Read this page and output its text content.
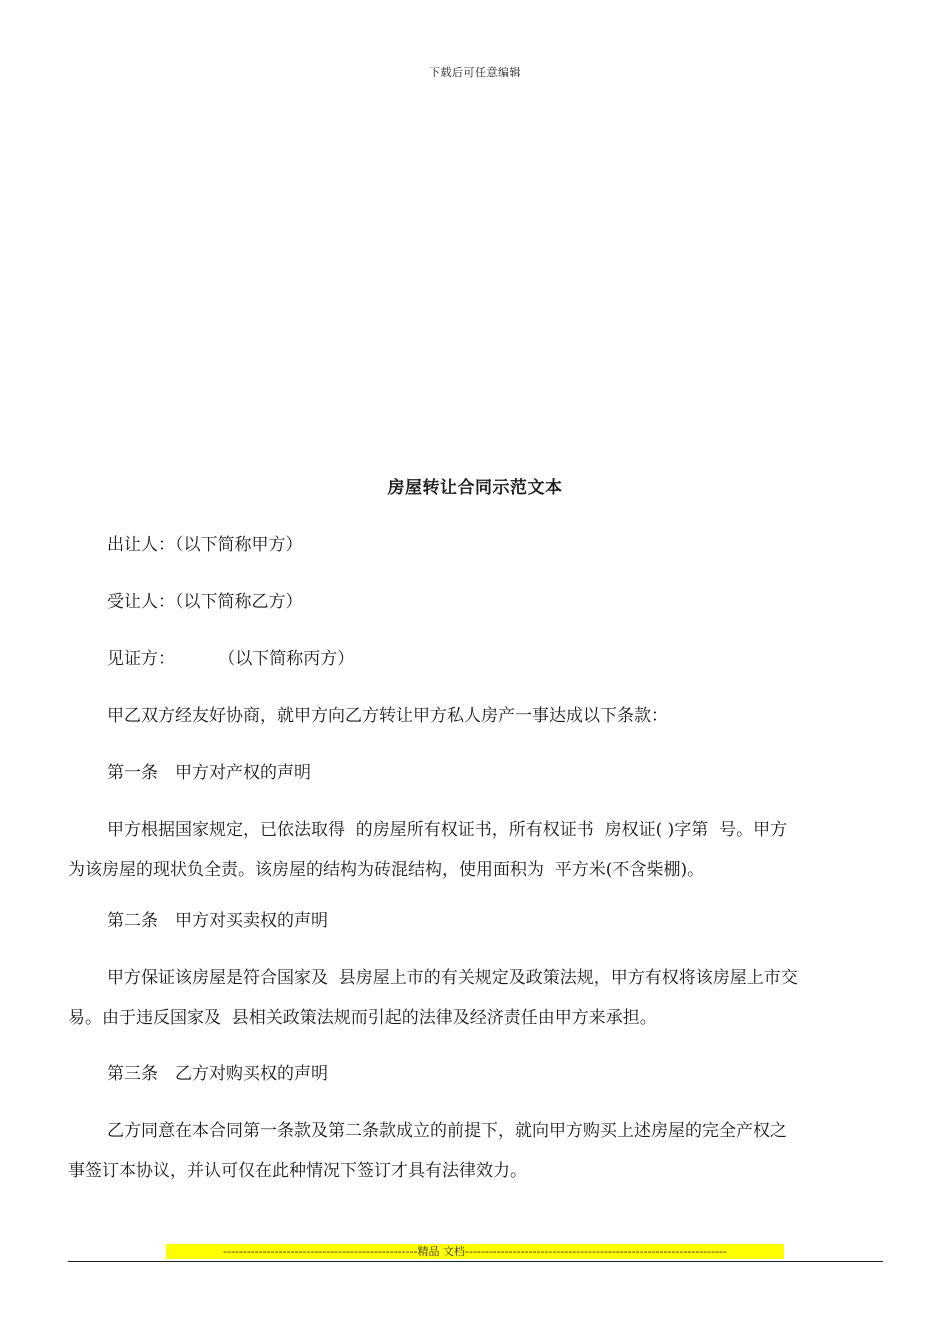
下载后可任意编辑
房屋转让合同示范文本
出让人：（以下简称甲方）
受让人：（以下简称乙方）
见证方：        （以下简称丙方）
甲乙双方经友好协商，就甲方向乙方转让甲方私人房产一事达成以下条款：
第一条　甲方对产权的声明
甲方根据国家规定，已依法取得  的房屋所有权证书，所有权证书  房权证( )字第  号。甲方
为该房屋的现状负全责。该房屋的结构为砖混结构，使用面积为  平方米(不含柴棚)。
第二条　甲方对买卖权的声明
甲方保证该房屋是符合国家及  县房屋上市的有关规定及政策法规，甲方有权将该房屋上市交
易。由于违反国家及  县相关政策法规而引起的法律及经济责任由甲方来承担。
第三条　乙方对购买权的声明
乙方同意在本合同第一条款及第二条款成立的前提下，就向甲方购买上述房屋的完全产权之
事签订本协议，并认可仅在此种情况下签订才具有法律效力。
-------------------------------------------------精品 文档------------------------------------------------------------------
